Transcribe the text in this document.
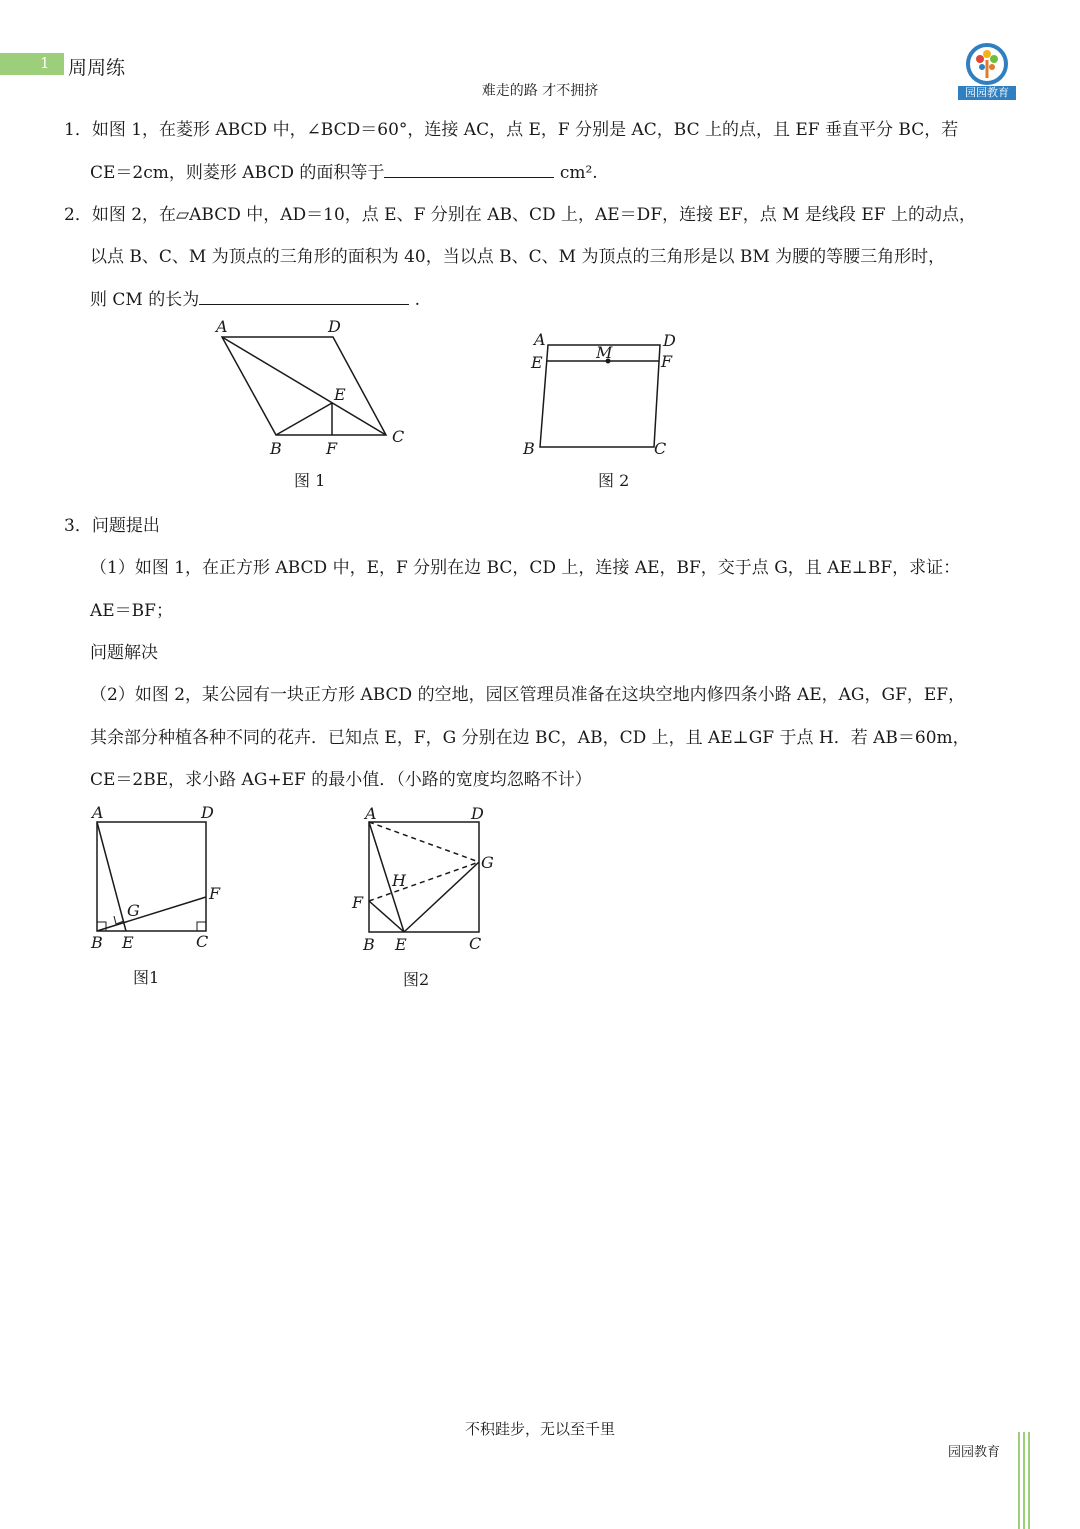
1 周周练
难走的路 才不拥挤	园园教育
1．如图 1，在菱形 ABCD 中，∠BCD＝60°，连接 AC，点 E，F 分别是 AC，BC 上的点，且 EF 垂直平分 BC，若
CE＝2cm，则菱形 ABCD 的面积等于	cm².
2．如图 2，在▱ABCD 中，AD＝10，点 E、F 分别在 AB、CD 上，AE＝DF，连接 EF，点 M 是线段 EF 上的动点，
以点 B、C、M 为顶点的三角形的面积为 40，当以点 B、C、M 为顶点的三角形是以 BM 为腰的等腰三角形时，
则 CM 的长为	.
A	D
E
B	F
C
图 1
A	D
E
M	F
B	C
图 2
3．问题提出
（1）如图 1，在正方形 ABCD 中，E，F 分别在边 BC，CD 上，连接 AE，BF，交于点 G，且 AE⊥BF，求证：
AE＝BF；
问题解决
（2）如图 2，某公园有一块正方形 ABCD 的空地，园区管理员准备在这块空地内修四条小路 AE，AG，GF，EF，
其余部分种植各种不同的花卉．已知点 E，F，G 分别在边 BC，AB，CD 上，且 AE⊥GF 于点 H．若 AB＝60m，
CE＝2BE，求小路 AG+EF 的最小值．（小路的宽度均忽略不计）
A	D
F
G
B E	C
图1
A	D
G
H
F
B E	C
图2
不积跬步，无以至千里
园园教育
